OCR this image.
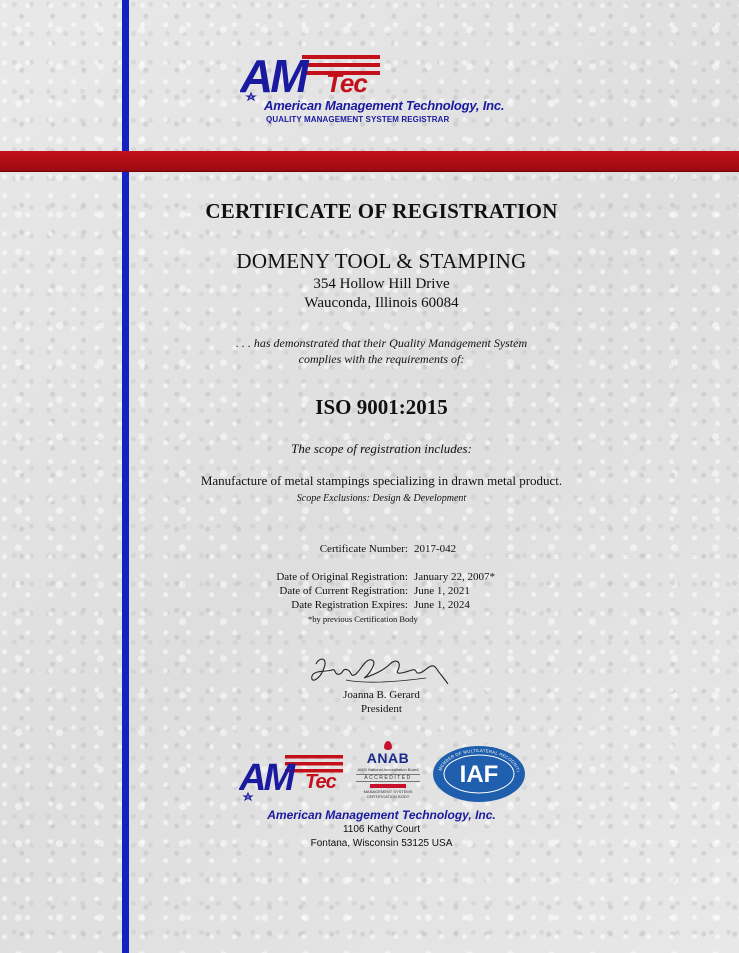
AM Tec
American Management Technology, Inc.
QUALITY MANAGEMENT SYSTEM REGISTRAR
CERTIFICATE OF REGISTRATION
DOMENY TOOL & STAMPING
354 Hollow Hill Drive
Wauconda, Illinois 60084
. . . has demonstrated that their Quality Management System
complies with the requirements of:
ISO 9001:2015
The scope of registration includes:
Manufacture of metal stampings specializing in drawn metal product.
Scope Exclusions: Design & Development
Certificate Number: 2017-042
Date of Original Registration: January 22, 2007*
Date of Current Registration: June 1, 2021
Date Registration Expires: June 1, 2024
*by previous Certification Body
Joanna B. Gerard
President
AM Tec
ANAB
ANSI National Accreditation Board
ACCREDITED
MANAGEMENT SYSTEMS
CERTIFICATION BODY
IAF
MEMBER OF MULTILATERAL RECOGNITI
American Management Technology, Inc.
1106 Kathy Court
Fontana, Wisconsin 53125 USA
